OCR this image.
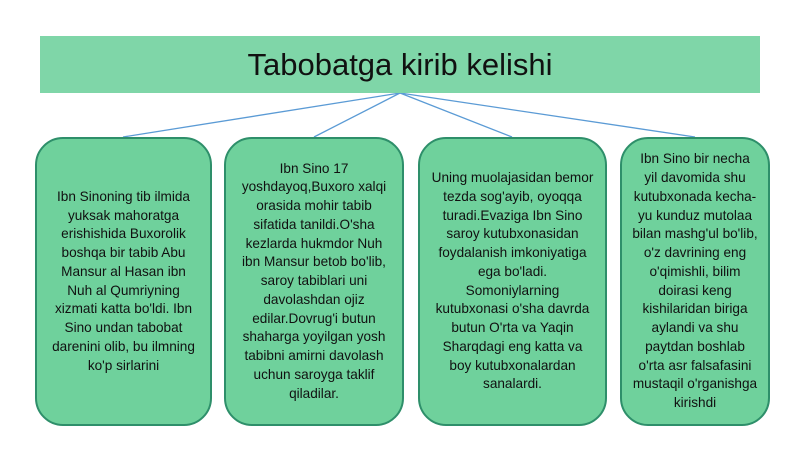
Tabobatga kirib kelishi
Ibn Sinoning tib ilmida yuksak mahoratga erishishida Buxorolik boshqa bir tabib Abu Mansur al Hasan ibn Nuh al Qumriyning xizmati katta bo'ldi. Ibn Sino undan tabobat darenini olib, bu ilmning ko'p sirlarini
Ibn Sino 17 yoshdayoq,Buxoro xalqi orasida mohir tabib sifatida tanildi.O'sha kezlarda hukmdor Nuh ibn Mansur betob bo'lib, saroy tabiblari uni davolashdan ojiz edilar.Dovrug'i butun shaharga yoyilgan yosh tabibni amirni davolash uchun saroyga taklif qiladilar.
Uning muolajasidan bemor tezda sog'ayib, oyoqqa turadi.Evaziga Ibn Sino saroy kutubxonasidan foydalanish imkoniyatiga ega bo'ladi. Somoniylarning kutubxonasi o'sha davrda butun O'rta va Yaqin Sharqdagi eng katta va boy kutubxonalardan sanalardi.
Ibn Sino bir necha yil davomida shu kutubxonada kecha-yu kunduz mutolaa bilan mashg'ul bo'lib, o'z davrining eng o'qimishli, bilim doirasi keng kishilaridan biriga aylandi va shu paytdan boshlab o'rta asr falsafasini mustaqil o'rganishga kirishdi
